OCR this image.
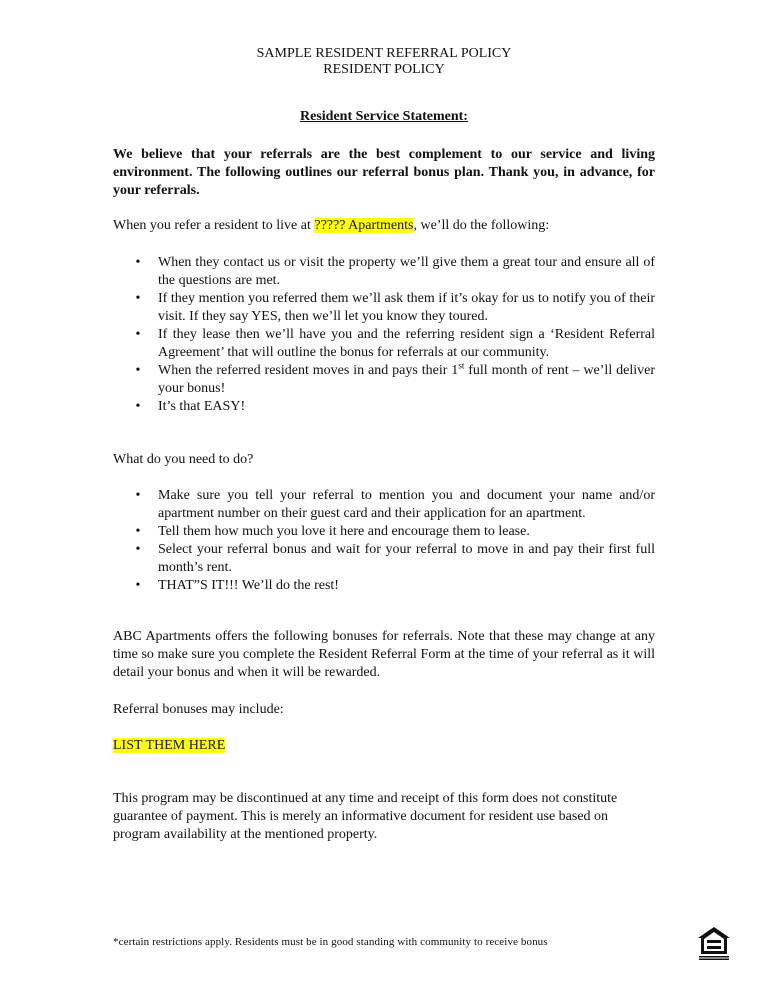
SAMPLE RESIDENT REFERRAL POLICY
RESIDENT POLICY
Resident Service Statement:
We believe that your referrals are the best complement to our service and living environment. The following outlines our referral bonus plan. Thank you, in advance, for your referrals.
When you refer a resident to live at ????? Apartments, we’ll do the following:
• When they contact us or visit the property we’ll give them a great tour and ensure all of the questions are met.
• If they mention you referred them we’ll ask them if it’s okay for us to notify you of their visit. If they say YES, then we’ll let you know they toured.
• If they lease then we’ll have you and the referring resident sign a ‘Resident Referral Agreement’ that will outline the bonus for referrals at our community.
• When the referred resident moves in and pays their 1st full month of rent – we’ll deliver your bonus!
• It’s that EASY!
What do you need to do?
• Make sure you tell your referral to mention you and document your name and/or apartment number on their guest card and their application for an apartment.
• Tell them how much you love it here and encourage them to lease.
• Select your referral bonus and wait for your referral to move in and pay their first full month’s rent.
• THAT”S IT!!! We’ll do the rest!
ABC Apartments offers the following bonuses for referrals. Note that these may change at any time so make sure you complete the Resident Referral Form at the time of your referral as it will detail your bonus and when it will be rewarded.
Referral bonuses may include:
LIST THEM HERE
This program may be discontinued at any time and receipt of this form does not constitute guarantee of payment. This is merely an informative document for resident use based on program availability at the mentioned property.
*certain restrictions apply. Residents must be in good standing with community to receive bonus
